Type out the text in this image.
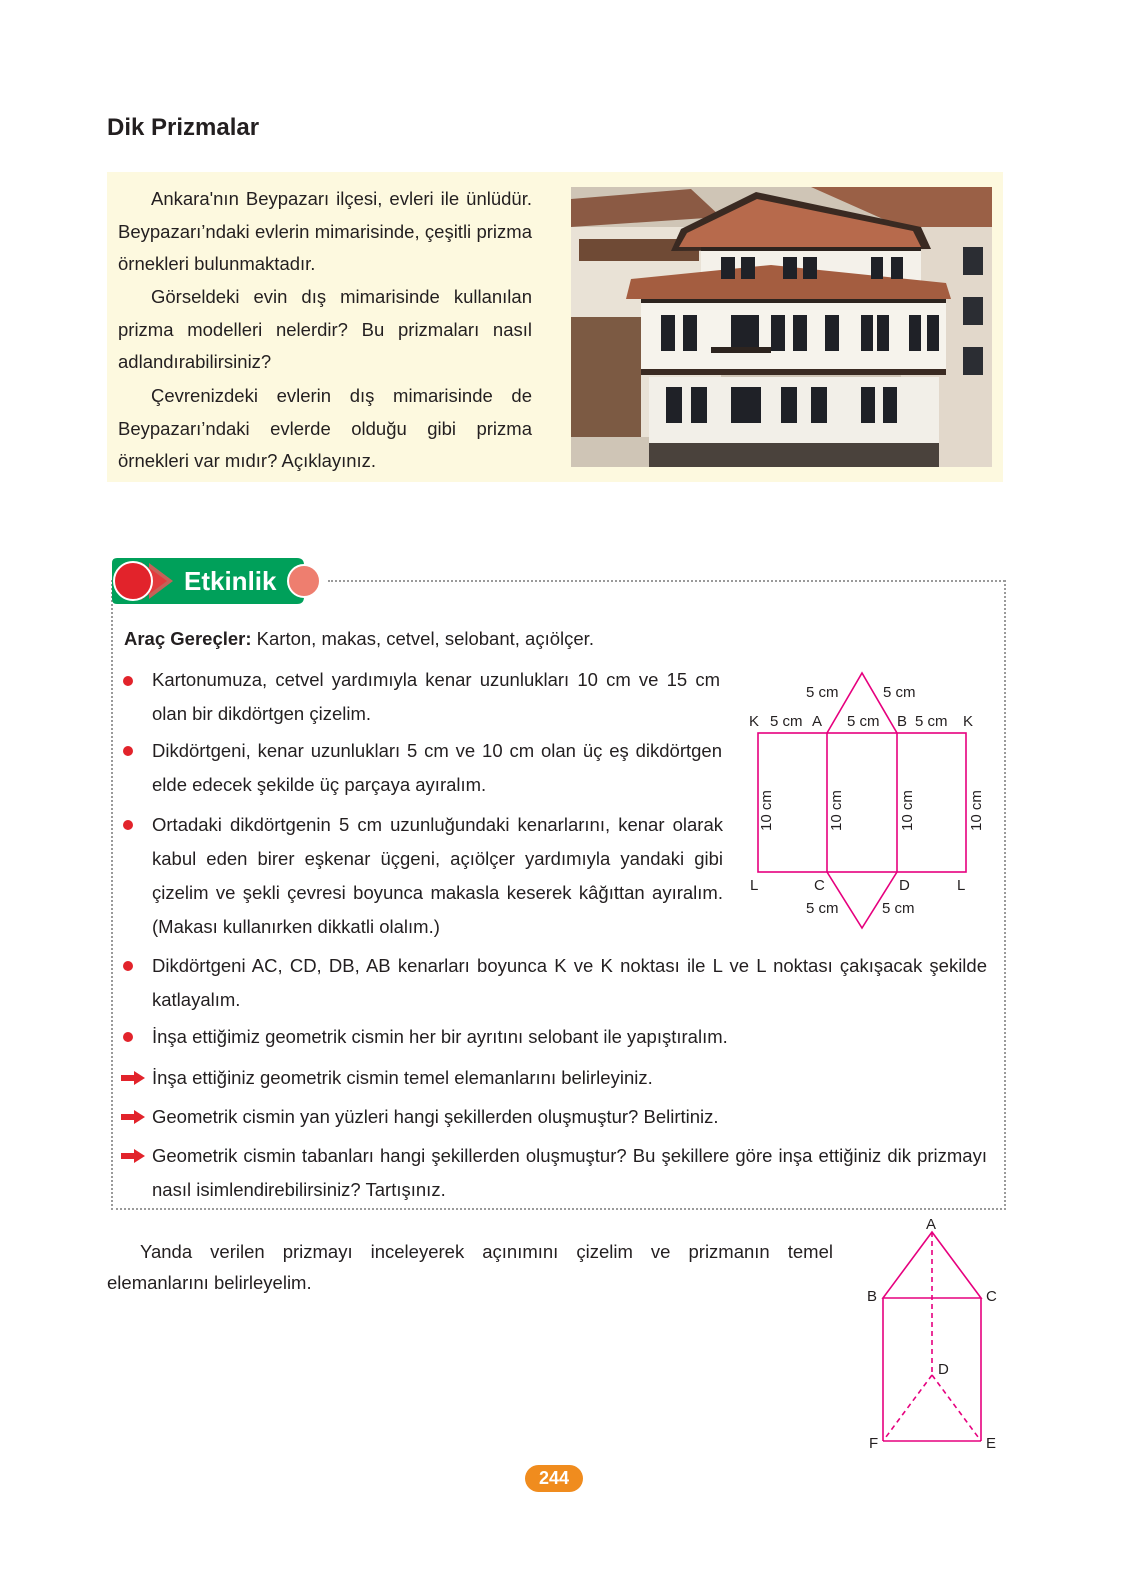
Dik Prizmalar

Ankara'nın Beypazarı ilçesi, evleri ile ünlüdür. Beypazarı’ndaki evlerin mimarisinde, çeşitli prizma örnekleri bulunmaktadır.

Görseldeki evin dış mimarisinde kullanılan prizma modelleri nelerdir? Bu prizmaları nasıl adlandırabilirsiniz?

Çevrenizdeki evlerin dış mimarisinde de Beypazarı’ndaki evlerde olduğu gibi prizma örnekleri var mıdır? Açıklayınız.

Etkinlik

Araç Gereçler: Karton, makas, cetvel, selobant, açıölçer.

Kartonumuza, cetvel yardımıyla kenar uzunlukları 10 cm ve 15 cm olan bir dikdörtgen çizelim.

Dikdörtgeni, kenar uzunlukları 5 cm ve 10 cm olan üç eş dikdörtgen elde edecek şekilde üç parçaya ayıralım.

Ortadaki dikdörtgenin 5 cm uzunluğundaki kenarlarını, kenar olarak kabul eden birer eşkenar üçgeni, açıölçer yardımıyla yandaki gibi çizelim ve şekli çevresi boyunca makasla keserek kâğıttan ayıralım. (Makası kullanırken dikkatli olalım.)

Dikdörtgeni AC, CD, DB, AB kenarları boyunca K ve K noktası ile L ve L noktası çakışacak şekilde katlayalım.

İnşa ettiğimiz geometrik cismin her bir ayrıtını selobant ile yapıştıralım.

İnşa ettiğiniz geometrik cismin temel elemanlarını belirleyiniz.

Geometrik cismin yan yüzleri hangi şekillerden oluşmuştur? Belirtiniz.

Geometrik cismin tabanları hangi şekillerden oluşmuştur? Bu şekillere göre inşa ettiğiniz dik prizmayı nasıl isimlendirebilirsiniz? Tartışınız.

5 cm	5 cm
K 5 cm A 5 cm B 5 cm K
L	C	D	L
5 cm	5 cm
10 cm	10 cm	10 cm	10 cm

Yanda verilen prizmayı inceleyerek açınımını çizelim ve prizmanın temel elemanlarını belirleyelim.

A
B	C
D
E
F
244
